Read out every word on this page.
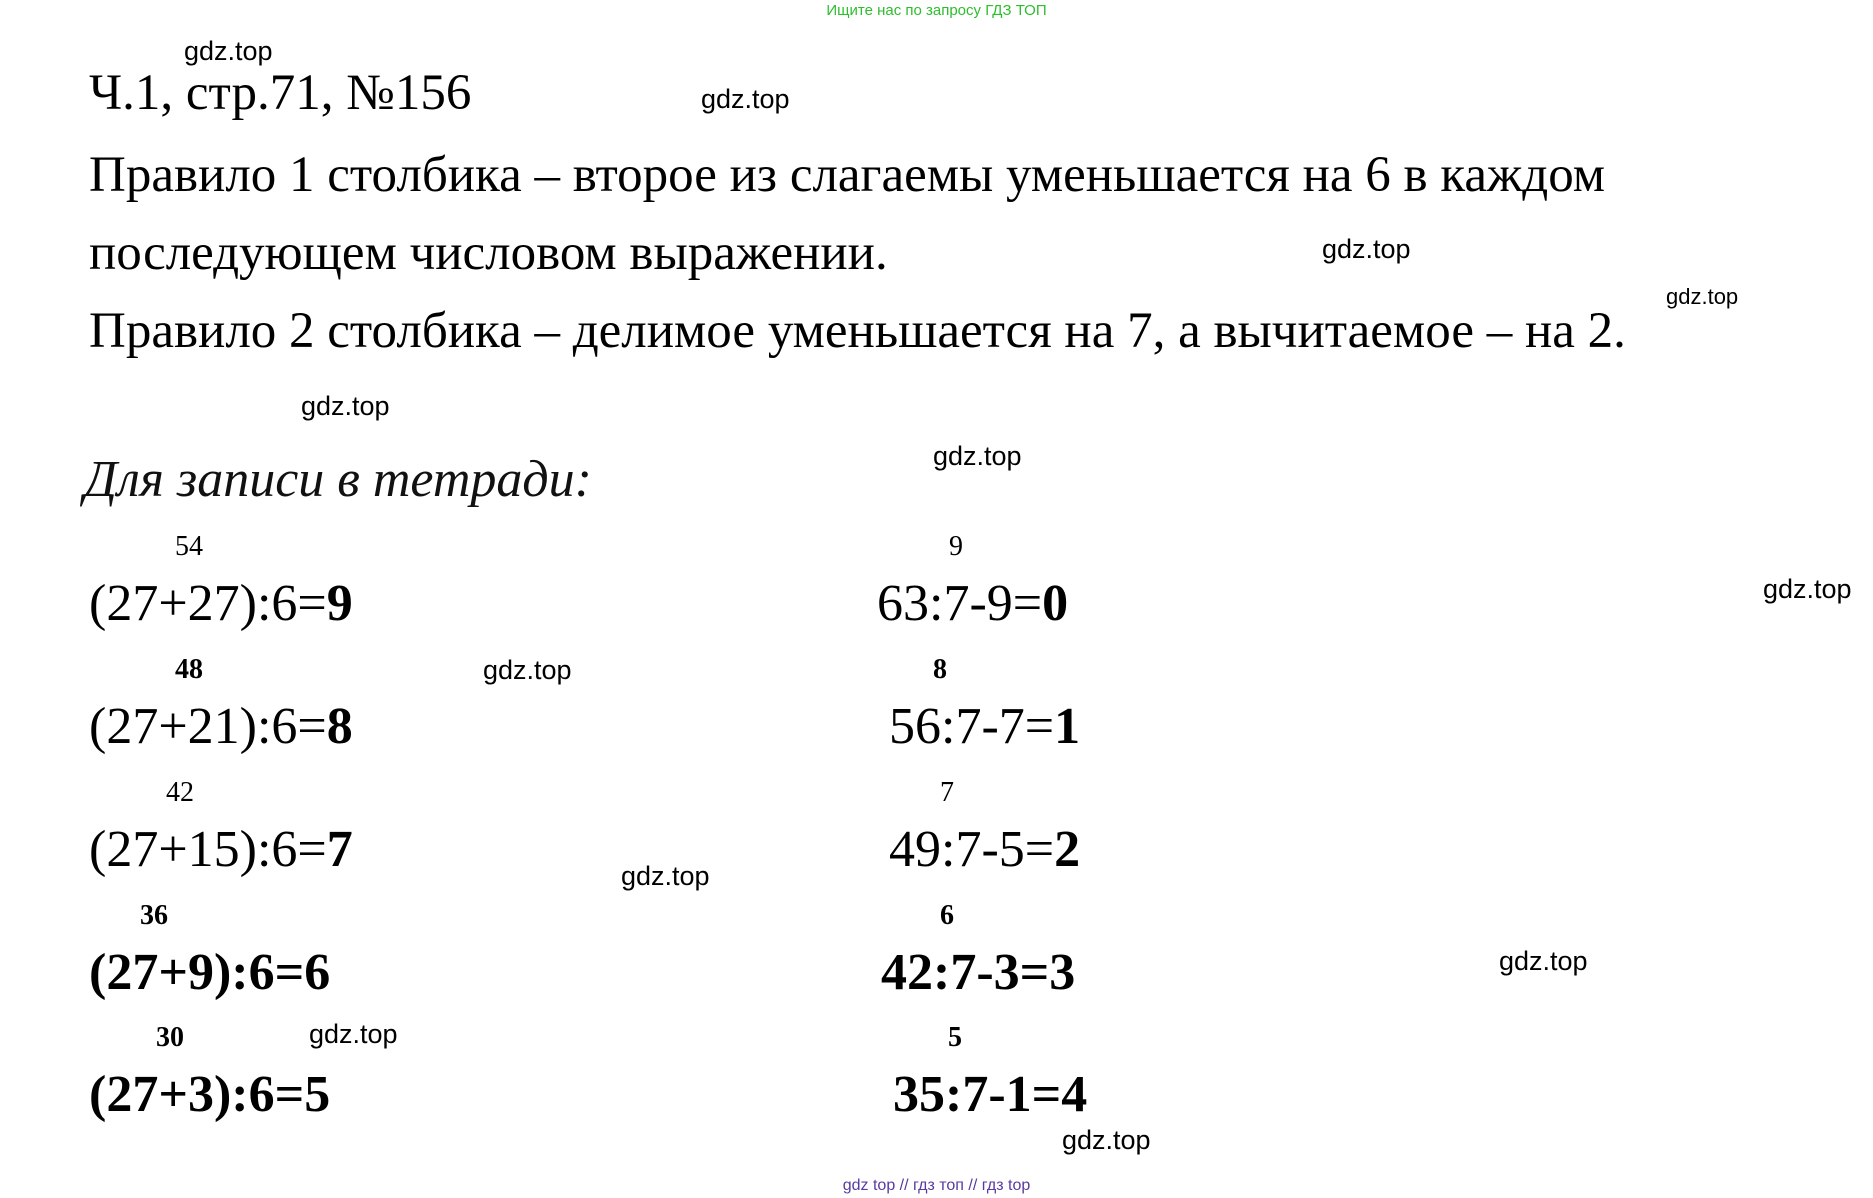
Ищите нас по запросу ГДЗ ТОП
gdz.top
gdz.top
gdz.top
gdz.top
gdz.top
gdz.top
gdz.top
gdz.top
gdz.top
gdz.top
gdz.top
gdz.top
Ч.1, стр.71, №156
Правило 1 столбика – второе из слагаемы уменьшается на 6 в каждом
последующем числовом выражении.
Правило 2 столбика – делимое уменьшается на 7, а вычитаемое – на 2.
Для записи в тетради:
54
(27+27):6=9
48
(27+21):6=8
42
(27+15):6=7
36
(27+9):6=6
30
(27+3):6=5
9
63:7-9=0
8
56:7-7=1
7
49:7-5=2
6
42:7-3=3
5
35:7-1=4
gdz top // гдз топ // гдз top
